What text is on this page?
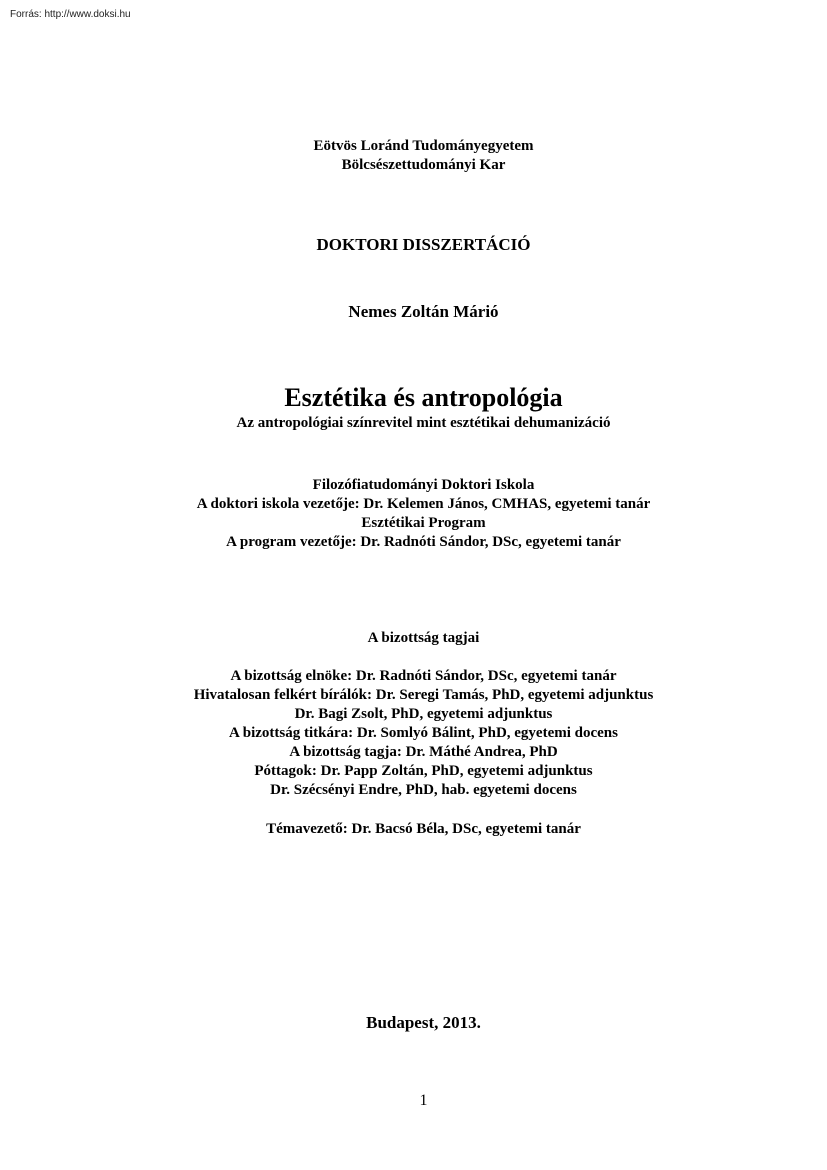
Forrás: http://www.doksi.hu
Eötvös Loránd Tudományegyetem
Bölcsészettudományi Kar
DOKTORI DISSZERTÁCIÓ
Nemes Zoltán Márió
Esztétika és antropológia
Az antropológiai színrevitel mint esztétikai dehumanizáció
Filozófiatudományi Doktori Iskola
A doktori iskola vezetője: Dr. Kelemen János, CMHAS, egyetemi tanár
Esztétikai Program
A program vezetője: Dr. Radnóti Sándor, DSc, egyetemi tanár
A bizottság tagjai
A bizottság elnöke: Dr. Radnóti Sándor, DSc, egyetemi tanár
Hivatalosan felkért bírálók: Dr. Seregi Tamás, PhD, egyetemi adjunktus
Dr. Bagi Zsolt, PhD, egyetemi adjunktus
A bizottság titkára: Dr. Somlyó Bálint, PhD, egyetemi docens
A bizottság tagja: Dr. Máthé Andrea, PhD
Póttagok: Dr. Papp Zoltán, PhD, egyetemi adjunktus
Dr. Szécsényi Endre, PhD, hab. egyetemi docens
Témavezető: Dr. Bacsó Béla, DSc, egyetemi tanár
Budapest, 2013.
1
